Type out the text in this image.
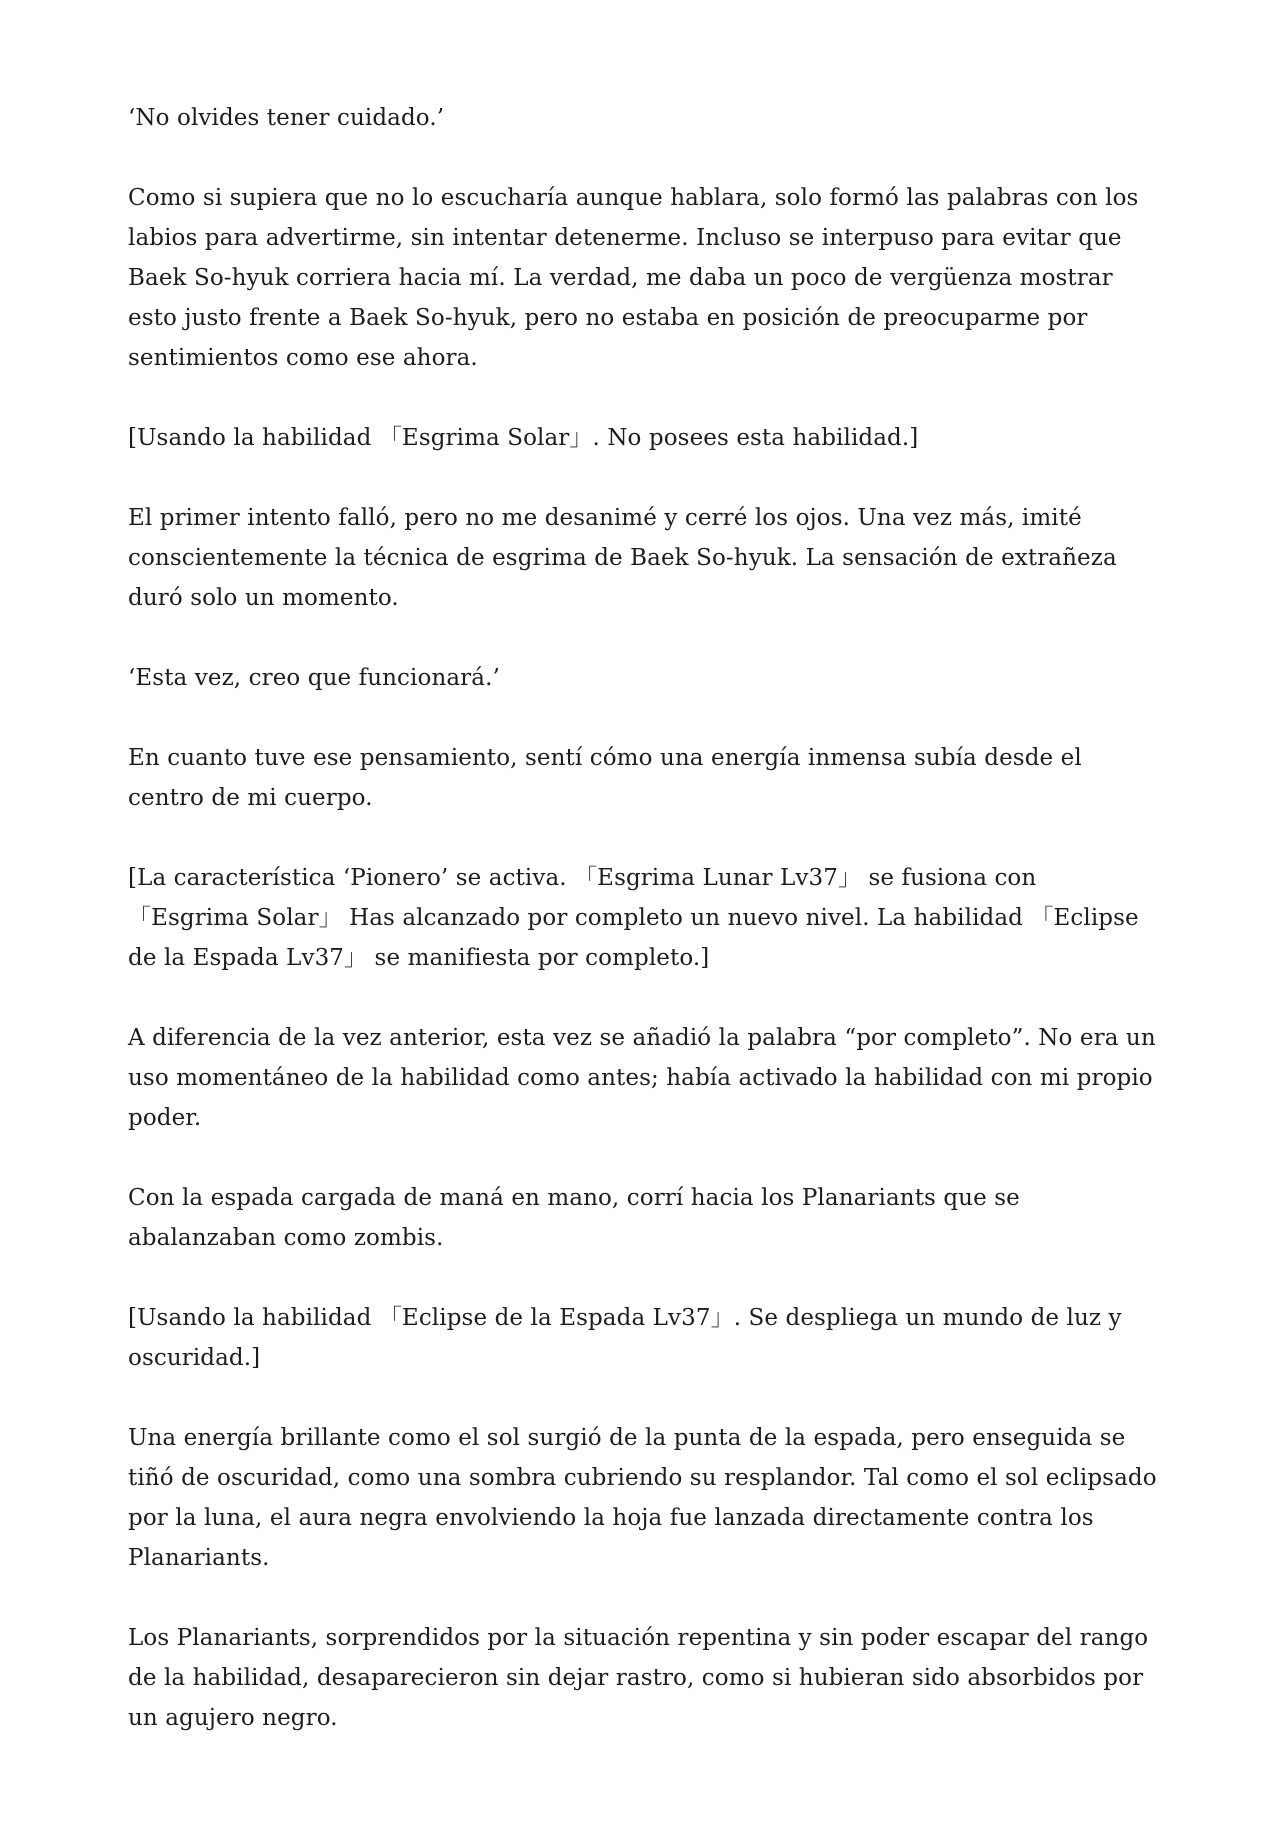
‘No olvides tener cuidado.’

Como si supiera que no lo escucharía aunque hablara, solo formó las palabras con los labios para advertirme, sin intentar detenerme. Incluso se interpuso para evitar que Baek So-hyuk corriera hacia mí. La verdad, me daba un poco de vergüenza mostrar esto justo frente a Baek So-hyuk, pero no estaba en posición de preocuparme por sentimientos como ese ahora.

[Usando la habilidad 「Esgrima Solar」. No posees esta habilidad.]

El primer intento falló, pero no me desanimé y cerré los ojos. Una vez más, imité conscientemente la técnica de esgrima de Baek So-hyuk. La sensación de extrañeza duró solo un momento.

‘Esta vez, creo que funcionará.’

En cuanto tuve ese pensamiento, sentí cómo una energía inmensa subía desde el centro de mi cuerpo.

[La característica ‘Pionero’ se activa. 「Esgrima Lunar Lv37」 se fusiona con 「Esgrima Solar」 Has alcanzado por completo un nuevo nivel. La habilidad 「Eclipse de la Espada Lv37」 se manifiesta por completo.]

A diferencia de la vez anterior, esta vez se añadió la palabra “por completo”. No era un uso momentáneo de la habilidad como antes; había activado la habilidad con mi propio poder.

Con la espada cargada de maná en mano, corrí hacia los Planariants que se abalanzaban como zombis.

[Usando la habilidad 「Eclipse de la Espada Lv37」. Se despliega un mundo de luz y oscuridad.]

Una energía brillante como el sol surgió de la punta de la espada, pero enseguida se tiñó de oscuridad, como una sombra cubriendo su resplandor. Tal como el sol eclipsado por la luna, el aura negra envolviendo la hoja fue lanzada directamente contra los Planariants.

Los Planariants, sorprendidos por la situación repentina y sin poder escapar del rango de la habilidad, desaparecieron sin dejar rastro, como si hubieran sido absorbidos por un agujero negro.
